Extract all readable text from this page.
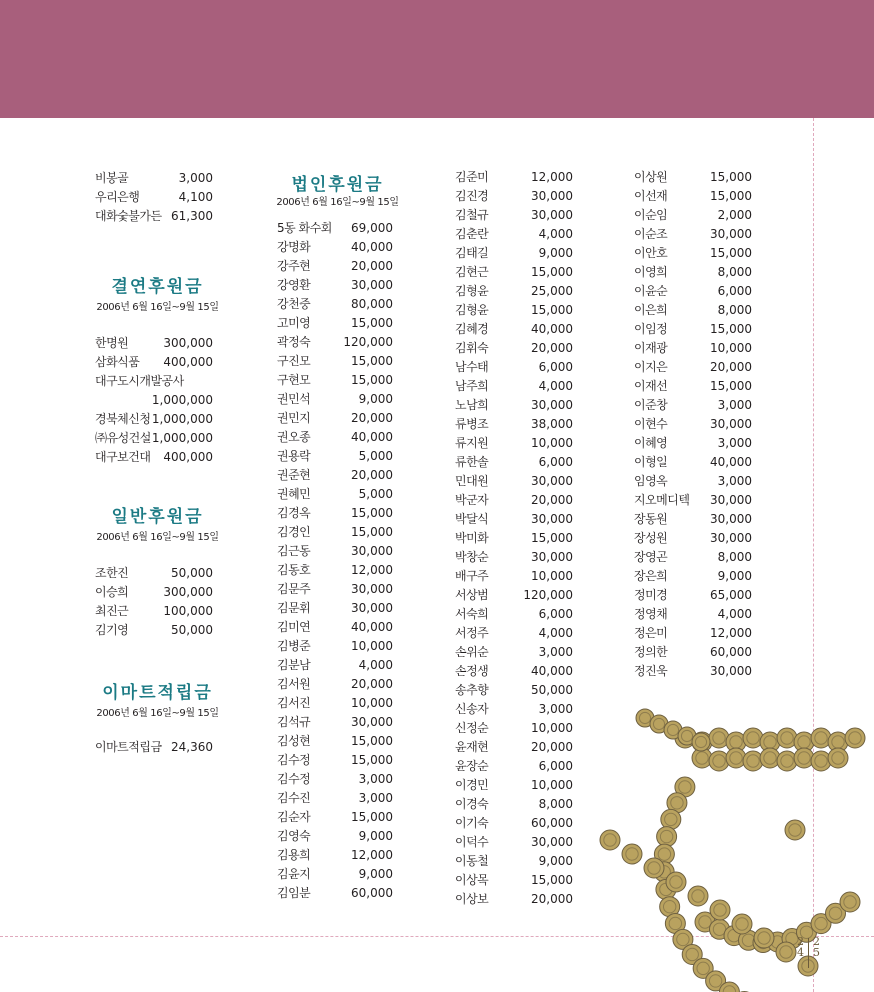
비봉골	3,000
우리은행	4,100
대화숯불가든 61,300
결연후원금
2006년 6월 16일~9월 15일
한명원	300,000
삼화식품 400,000
대구도시개발공사
1,000,000
경북체신청 1,000,000
㈜유성건설 1,000,000
대구보건대 400,000
일반후원금
2006년 6월 16일~9월 15일
조한진	50,000
이승희	300,000
최진근	100,000
김기영	50,000
이마트적립금
2006년 6월 16일~9월 15일
이마트적립금 24,360
법인후원금
2006년 6월 16일~9월 15일
5동 화수회 69,000
강명화	40,000
강주현	20,000
강영환	30,000
강천중	80,000
고미영	15,000
곽정숙	120,000
구진모	15,000
구현모	15,000
권민석	9,000
권민지	20,000
권오종	40,000
권용락	5,000
권준현	20,000
권혜민	5,000
김경옥	15,000
김경인	15,000
김근동	30,000
김동호	12,000
김문주	30,000
김문휘	30,000
김미연	40,000
김병준	10,000
김분남	4,000
김서원	20,000
김서진	10,000
김석규	30,000
김성현	15,000
김수정	15,000
김수정	3,000
김수진	3,000
김순자	15,000
김영숙	9,000
김용희	12,000
김윤지	9,000
김임분	60,000
김준미	12,000
김진경	30,000
김철규	30,000
김춘란	4,000
김태길	9,000
김현근	15,000
김형윤	25,000
김형윤	15,000
김혜경	40,000
김휘숙	20,000
남수태	6,000
남주희	4,000
노남희	30,000
류병조	38,000
류지원	10,000
류한솔	6,000
민대원	30,000
박군자	20,000
박달식	30,000
박미화	15,000
박창순	30,000
배구주	10,000
서상범	120,000
서숙희	6,000
서정주	4,000
손위순	3,000
손정생	40,000
송추향	50,000
신송자	3,000
신정순	10,000
윤재현	20,000
윤장순	6,000
이경민	10,000
이경숙	8,000
이기숙	60,000
이덕수	30,000
이동철	9,000
이상목	15,000
이상보	20,000
이상원	15,000
이선재	15,000
이순임	2,000
이순조	30,000
이안호	15,000
이영희	8,000
이윤순	6,000
이은희	8,000
이임정	15,000
이재광	10,000
이지은	20,000
이재선	15,000
이준창	3,000
이현수	30,000
이혜영	3,000
이형일	40,000
임영옥	3,000
지오메디텍 30,000
장동원	30,000
장성원	30,000
장영곤	8,000
장은희	9,000
정미경	65,000
정영채	4,000
정은미	12,000
정의한	60,000
정진욱	30,000
24
25
